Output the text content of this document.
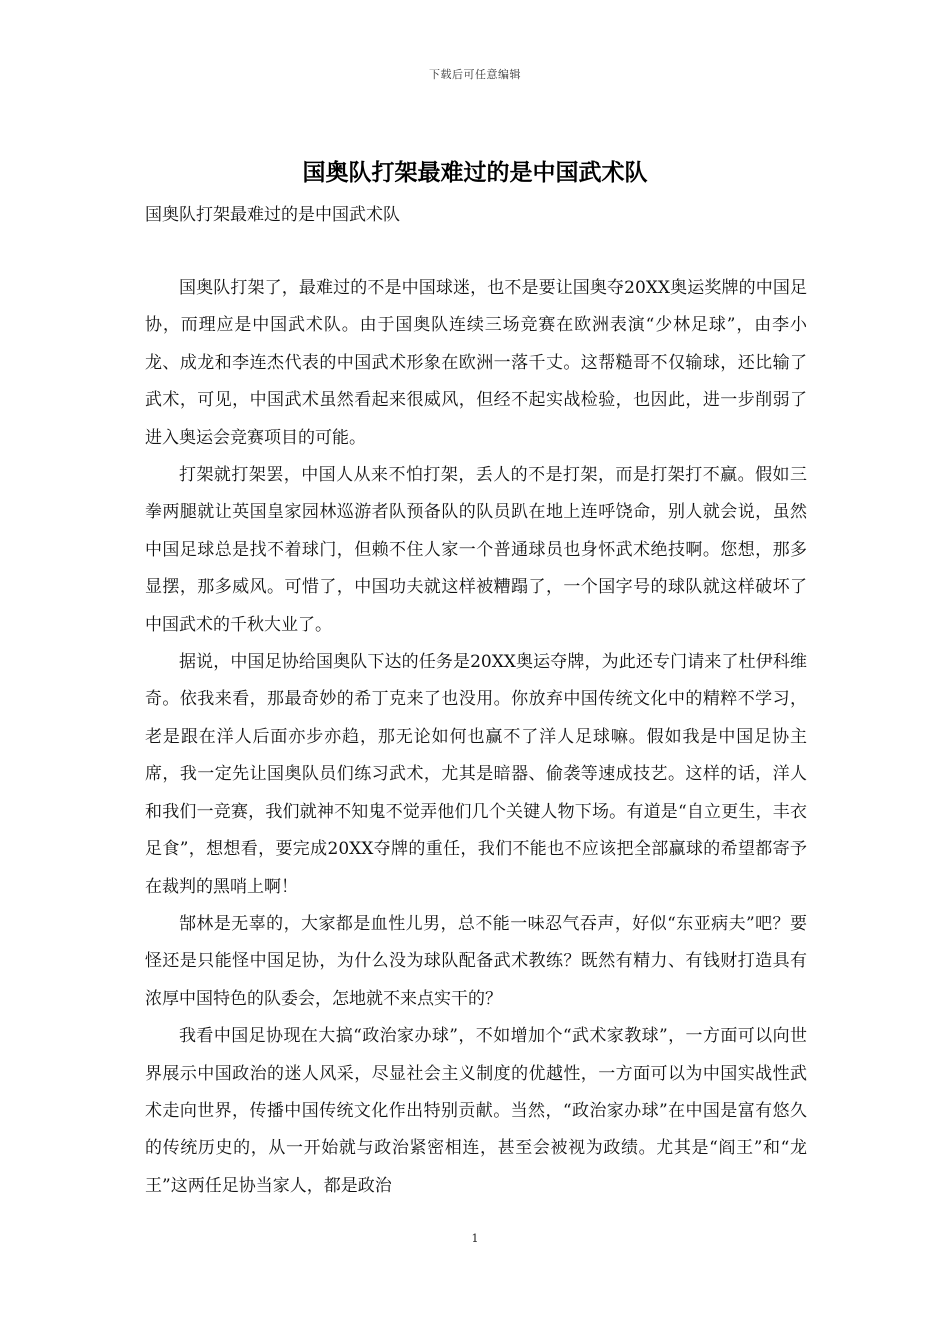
下载后可任意编辑
国奥队打架最难过的是中国武术队
国奥队打架最难过的是中国武术队

国奥队打架了，最难过的不是中国球迷，也不是要让国奥夺20XX奥运奖牌的中国足协，而理应是中国武术队。由于国奥队连续三场竞赛在欧洲表演“少林足球”，由李小龙、成龙和李连杰代表的中国武术形象在欧洲一落千丈。这帮糙哥不仅输球，还比输了武术，可见，中国武术虽然看起来很威风，但经不起实战检验，也因此，进一步削弱了进入奥运会竞赛项目的可能。

打架就打架罢，中国人从来不怕打架，丢人的不是打架，而是打架打不赢。假如三拳两腿就让英国皇家园林巡游者队预备队的队员趴在地上连呼饶命，别人就会说，虽然中国足球总是找不着球门，但赖不住人家一个普通球员也身怀武术绝技啊。您想，那多显摆，那多威风。可惜了，中国功夫就这样被糟蹋了，一个国字号的球队就这样破坏了中国武术的千秋大业了。

据说，中国足协给国奥队下达的任务是20XX奥运夺牌，为此还专门请来了杜伊科维奇。依我来看，那最奇妙的希丁克来了也没用。你放弃中国传统文化中的精粹不学习，老是跟在洋人后面亦步亦趋，那无论如何也赢不了洋人足球嘛。假如我是中国足协主席，我一定先让国奥队员们练习武术，尤其是暗器、偷袭等速成技艺。这样的话，洋人和我们一竞赛，我们就神不知鬼不觉弄他们几个关键人物下场。有道是“自立更生，丰衣足食”，想想看，要完成20XX夺牌的重任，我们不能也不应该把全部赢球的希望都寄予在裁判的黑哨上啊！

郜林是无辜的，大家都是血性儿男，总不能一味忍气吞声，好似“东亚病夫”吧？要怪还是只能怪中国足协，为什么没为球队配备武术教练？既然有精力、有钱财打造具有浓厚中国特色的队委会，怎地就不来点实干的？

我看中国足协现在大搞“政治家办球”，不如增加个“武术家教球”，一方面可以向世界展示中国政治的迷人风采，尽显社会主义制度的优越性，一方面可以为中国实战性武术走向世界，传播中国传统文化作出特别贡献。当然，“政治家办球”在中国是富有悠久的传统历史的，从一开始就与政治紧密相连，甚至会被视为政绩。尤其是“阎王”和“龙王”这两任足协当家人，都是政治

1
